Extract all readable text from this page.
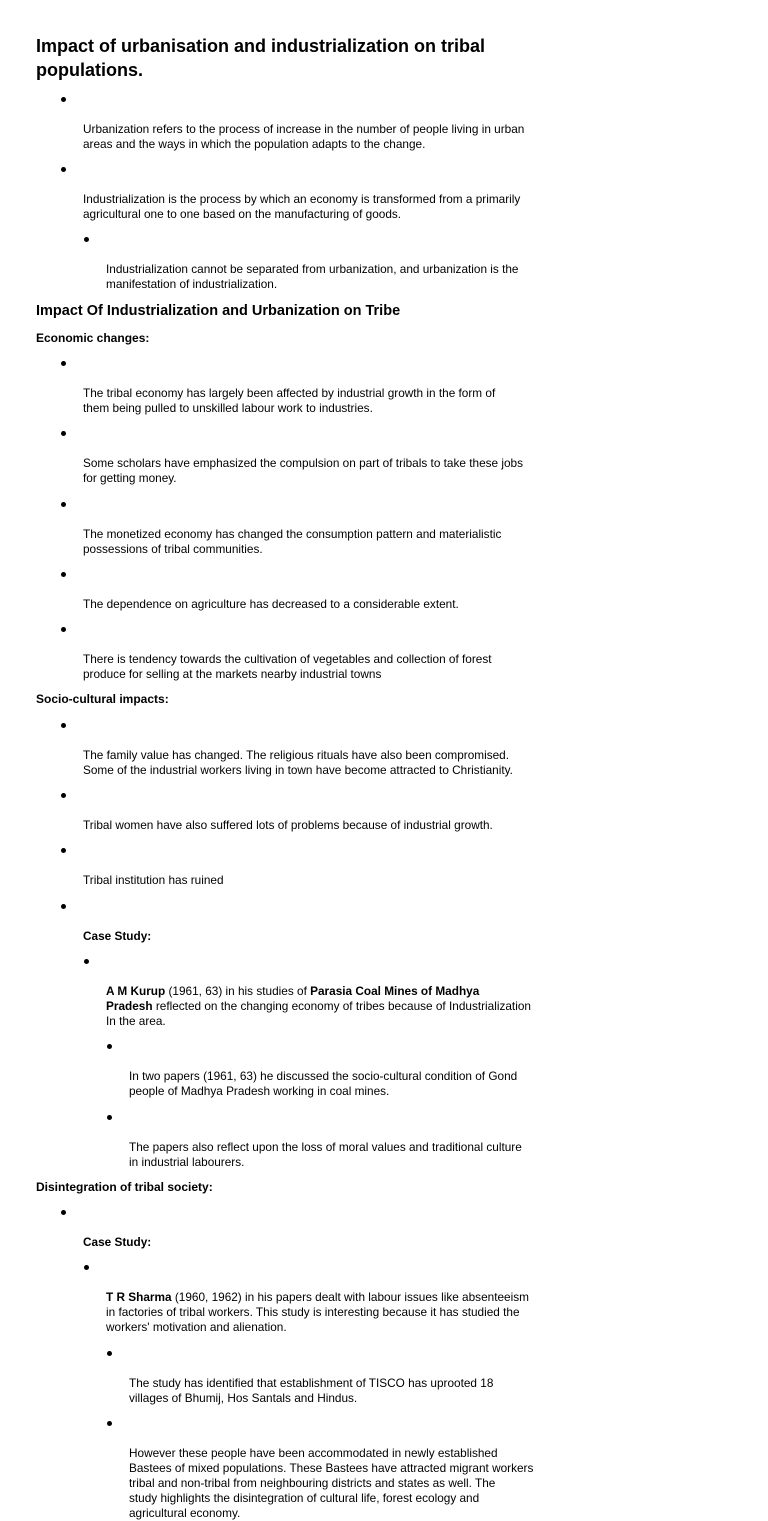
Impact of urbanisation and industrialization on tribal
populations.

Urbanization refers to the process of increase in the number of people living in urban
areas and the ways in which the population adapts to the change.

Industrialization is the process by which an economy is transformed from a primarily
agricultural one to one based on the manufacturing of goods.

Industrialization cannot be separated from urbanization, and urbanization is the
manifestation of industrialization.

Impact Of Industrialization and Urbanization on Tribe
Economic changes:

The tribal economy has largely been affected by industrial growth in the form of
them being pulled to unskilled labour work to industries.

Some scholars have emphasized the compulsion on part of tribals to take these jobs
for getting money.

The monetized economy has changed the consumption pattern and materialistic
possessions of tribal communities.

The dependence on agriculture has decreased to a considerable extent.

There is tendency towards the cultivation of vegetables and collection of forest
produce for selling at the markets nearby industrial towns

Socio-cultural impacts:

The family value has changed. The religious rituals have also been compromised.
Some of the industrial workers living in town have become attracted to Christianity.

Tribal women have also suffered lots of problems because of industrial growth.

Tribal institution has ruined

Case Study:

A M Kurup (1961, 63) in his studies of Parasia Coal Mines of Madhya
Pradesh reflected on the changing economy of tribes because of Industrialization
In the area.

In two papers (1961, 63) he discussed the socio-cultural condition of Gond
people of Madhya Pradesh working in coal mines.

The papers also reflect upon the loss of moral values and traditional culture
in industrial labourers.

Disintegration of tribal society:

Case Study:

T R Sharma (1960, 1962) in his papers dealt with labour issues like absenteeism
in factories of tribal workers. This study is interesting because it has studied the
workers' motivation and alienation.

The study has identified that establishment of TISCO has uprooted 18
villages of Bhumij, Hos Santals and Hindus.

However these people have been accommodated in newly established
Bastees of mixed populations. These Bastees have attracted migrant workers
tribal and non-tribal from neighbouring districts and states as well. The
study highlights the disintegration of cultural life, forest ecology and
agricultural economy.
